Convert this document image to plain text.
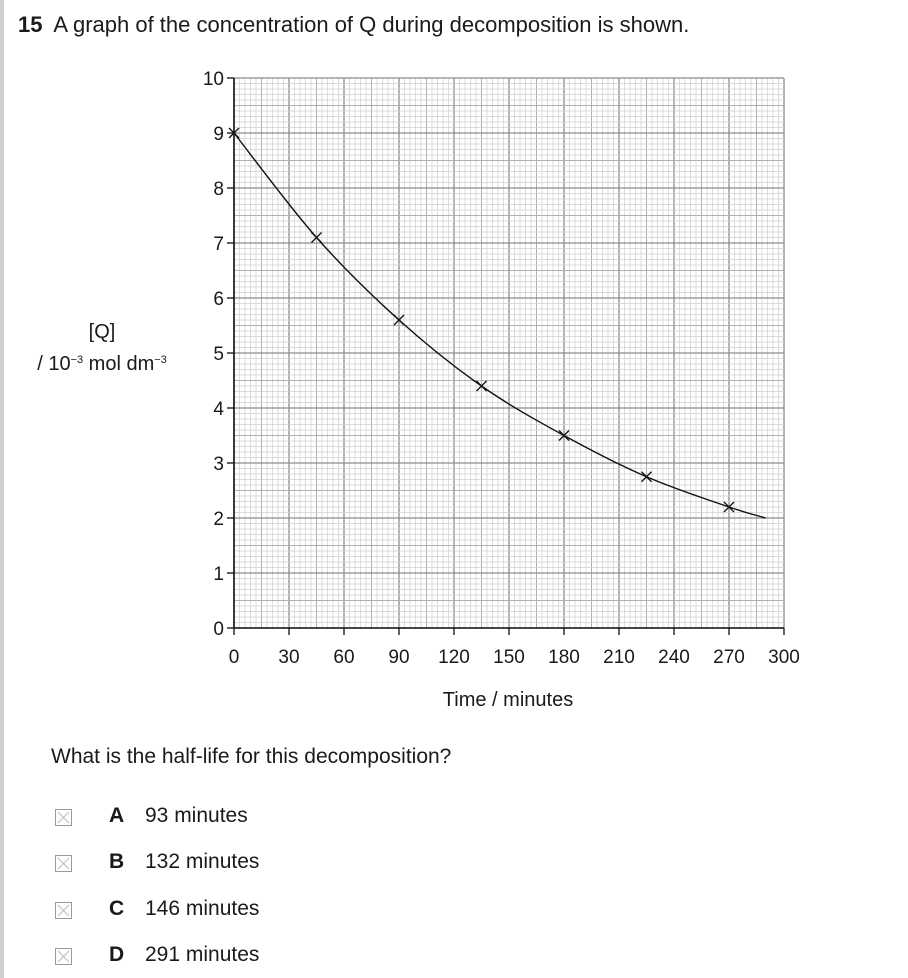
15 A graph of the concentration of Q during decomposition is shown.
[Q]
/ $10^{-3}$ mol $dm^{-3}$
0
1
2
3
4
5
6
7
8
9
10
0 30 60 90 120 150 180 210 240 270 300
Time / minutes
What is the half-life for this decomposition?
A 93 minutes
B 132 minutes
C 146 minutes
D 291 minutes
